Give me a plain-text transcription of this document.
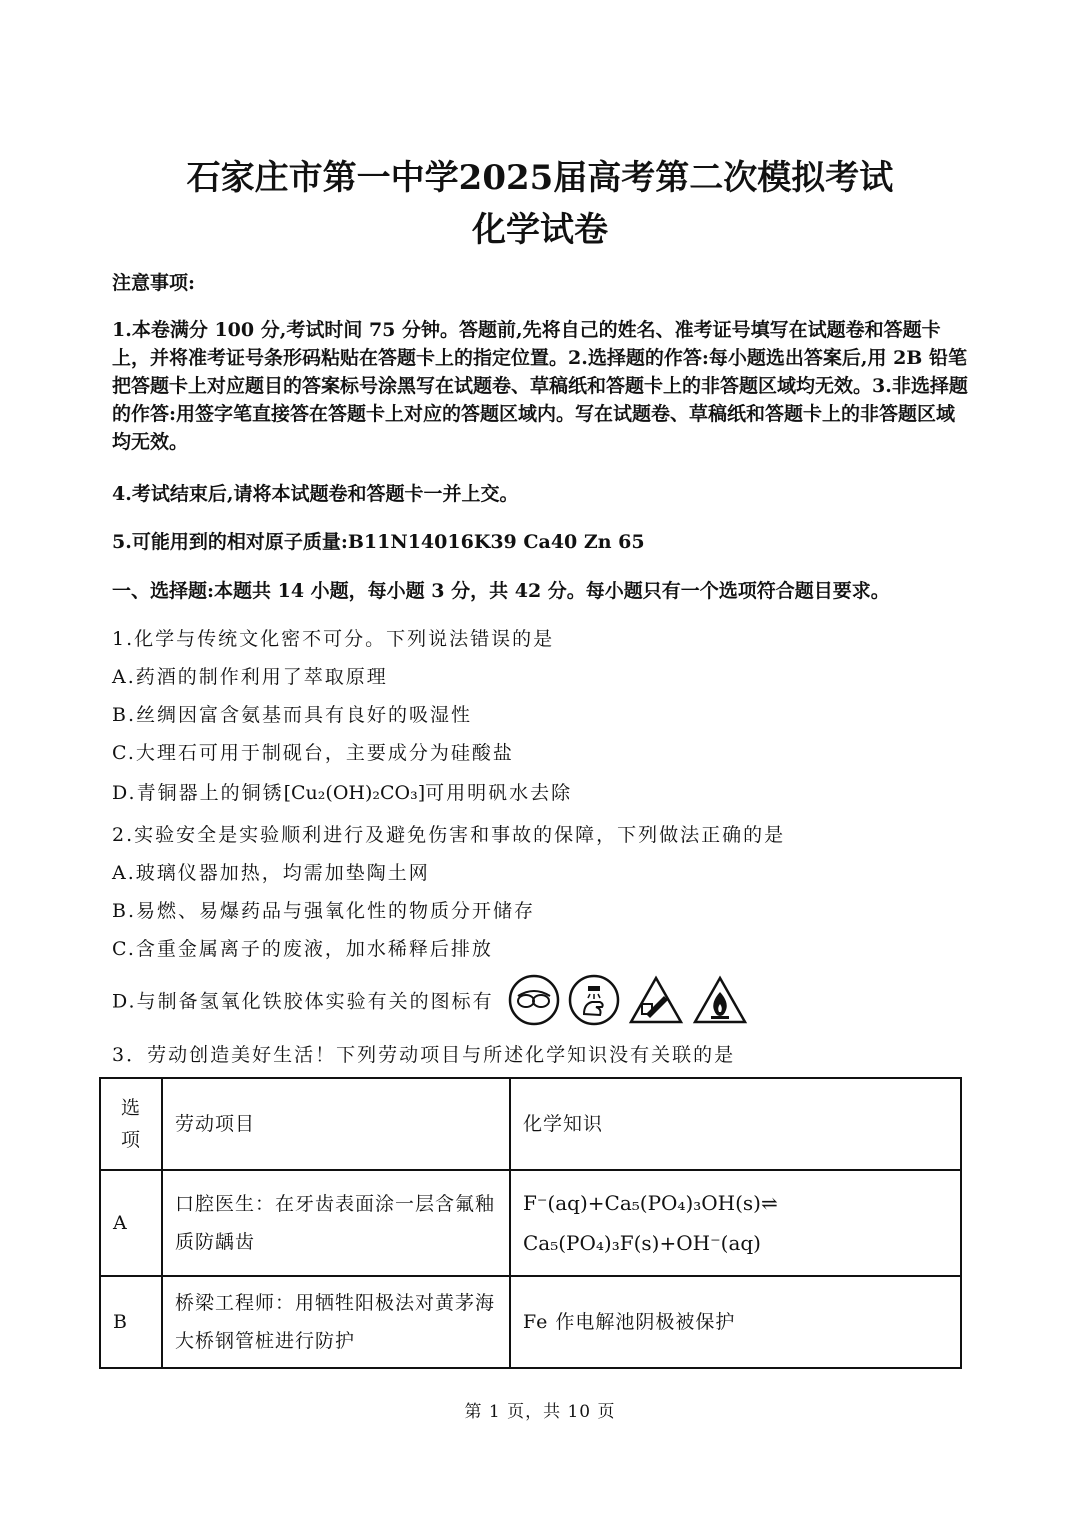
石家庄市第一中学2025届高考第二次模拟考试
化学试卷
注意事项:
1.本卷满分 100 分,考试时间 75 分钟。答题前,先将自己的姓名、准考证号填写在试题卷和答题卡上，并将准考证号条形码粘贴在答题卡上的指定位置。2.选择题的作答:每小题选出答案后,用 2B 铅笔把答题卡上对应题目的答案标号涂黑写在试题卷、草稿纸和答题卡上的非答题区域均无效。3.非选择题的作答:用签字笔直接答在答题卡上对应的答题区域内。写在试题卷、草稿纸和答题卡上的非答题区域均无效。
4.考试结束后,请将本试题卷和答题卡一并上交。
5.可能用到的相对原子质量:B11N14016K39 Ca40 Zn 65
一、选择题:本题共 14 小题，每小题 3 分，共 42 分。每小题只有一个选项符合题目要求。
1.化学与传统文化密不可分。下列说法错误的是
A.药酒的制作利用了萃取原理
B.丝绸因富含氨基而具有良好的吸湿性
C.大理石可用于制砚台，主要成分为硅酸盐
D.青铜器上的铜锈[Cu₂(OH)₂CO₃]可用明矾水去除
2.实验安全是实验顺利进行及避免伤害和事故的保障，下列做法正确的是
A.玻璃仪器加热，均需加垫陶土网
B.易燃、易爆药品与强氧化性的物质分开储存
C.含重金属离子的废液，加水稀释后排放
D.与制备氢氧化铁胶体实验有关的图标有
3．劳动创造美好生活！下列劳动项目与所述化学知识没有关联的是
选项	劳动项目	化学知识
A	口腔医生：在牙齿表面涂一层含氟釉质防龋齿	F⁻(aq)+Ca₅(PO₄)₃OH(s)⇌
Ca₅(PO₄)₃F(s)+OH⁻(aq)

B	桥梁工程师：用牺牲阳极法对黄茅海大桥钢管桩进行防护	Fe 作电解池阴极被保护
第 1 页，共 10 页
